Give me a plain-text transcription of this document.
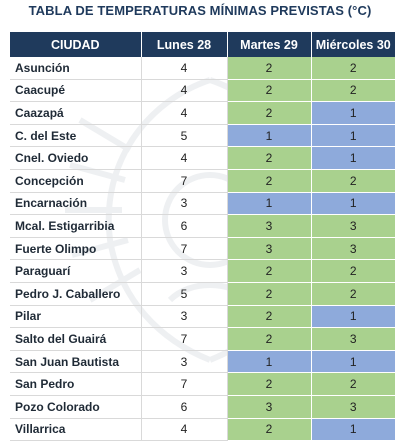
TABLA DE TEMPERATURAS MÍNIMAS PREVISTAS (°C)
CIUDAD	Lunes 28	Martes 29	Miércoles 30
Asunción	4	2	2
Caacupé	4	2	2
Caazapá	4	2	1
C. del Este	5	1	1
Cnel. Oviedo	4	2	1
Concepción	7	2	2
Encarnación	3	1	1
Mcal. Estigarribia	6	3	3
Fuerte Olimpo	7	3	3
Paraguarí	3	2	2
Pedro J. Caballero	5	2	2
Pilar	3	2	1
Salto del Guairá	7	2	3
San Juan Bautista	3	1	1
San Pedro	7	2	2
Pozo Colorado	6	3	3
Villarrica	4	2	1
